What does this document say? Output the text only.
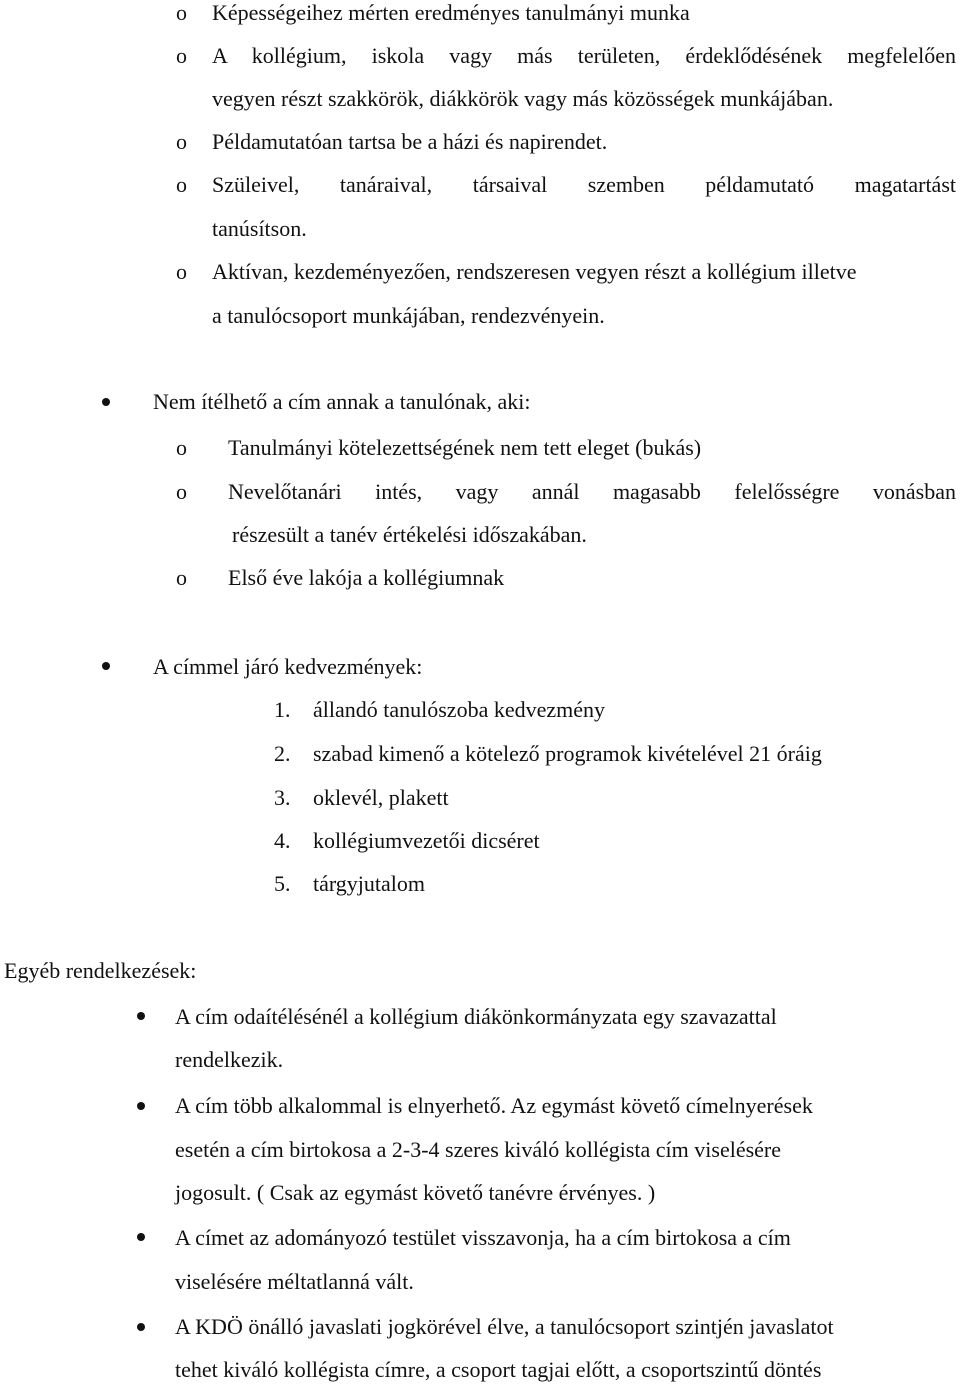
o Képességeihez mérten eredményes tanulmányi munka
o A kollégium, iskola vagy más területen, érdeklődésének megfelelően
vegyen részt szakkörök, diákkörök vagy más közösségek munkájában.
o Példamutatóan tartsa be a házi és napirendet.
o Szüleivel, tanáraival, társaival szemben példamutató magatartást
tanúsítson.
o Aktívan, kezdeményezően, rendszeresen vegyen részt a kollégium illetve
a tanulócsoport munkájában, rendezvényein.
Nem ítélhető a cím annak a tanulónak, aki:
o Tanulmányi kötelezettségének nem tett eleget (bukás)
o Nevelőtanári intés, vagy annál magasabb felelősségre vonásban
részesült a tanév értékelési időszakában.
o Első éve lakója a kollégiumnak
A címmel járó kedvezmények:
1. állandó tanulószoba kedvezmény
2. szabad kimenő a kötelező programok kivételével 21 óráig
3. oklevél, plakett
4. kollégiumvezetői dicséret
5. tárgyjutalom
Egyéb rendelkezések:
A cím odaítélésénél a kollégium diákönkormányzata egy szavazattal
rendelkezik.
A cím több alkalommal is elnyerhető. Az egymást követő címelnyerések
esetén a cím birtokosa a 2-3-4 szeres kiváló kollégista cím viselésére
jogosult. ( Csak az egymást követő tanévre érvényes. )
A címet az adományozó testület visszavonja, ha a cím birtokosa a cím
viselésére méltatlanná vált.
A KDÖ önálló javaslati jogkörével élve, a tanulócsoport szintjén javaslatot
tehet kiváló kollégista címre, a csoport tagjai előtt, a csoportszintű döntés
